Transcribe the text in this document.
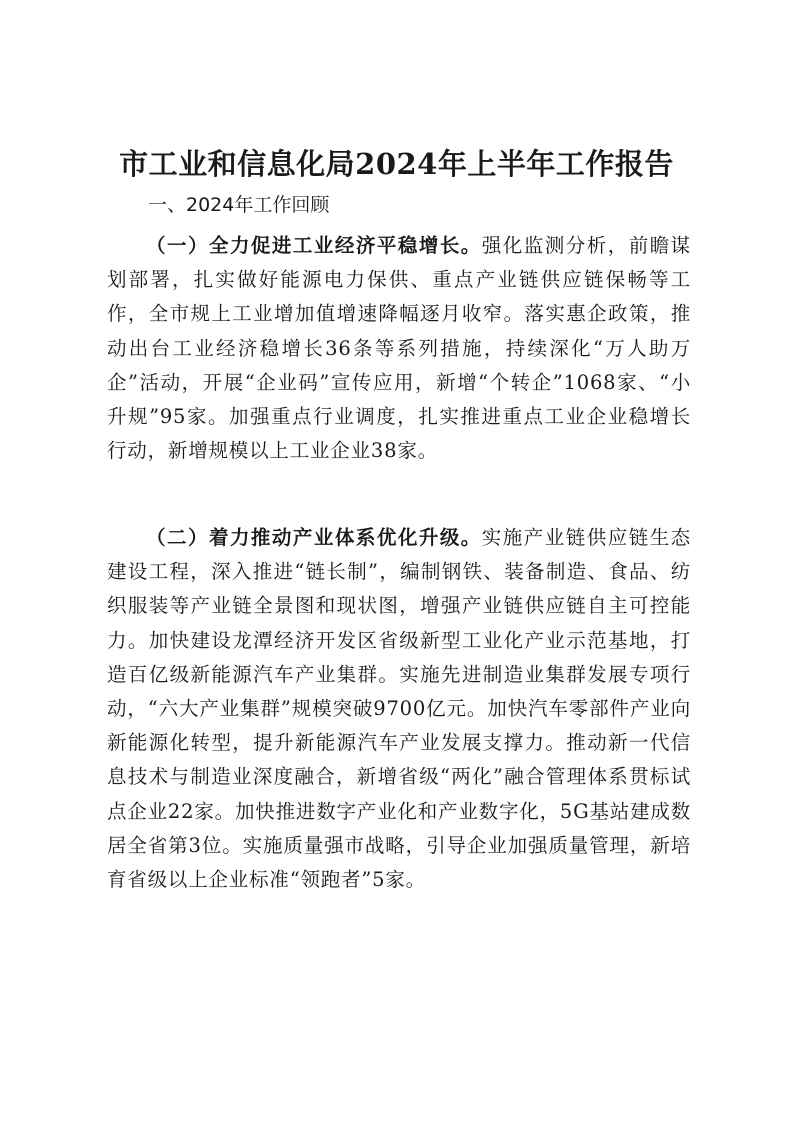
市工业和信息化局2024年上半年工作报告
一、2024年工作回顾

（一）全力促进工业经济平稳增长。强化监测分析，前瞻谋划部署，扎实做好能源电力保供、重点产业链供应链保畅等工作，全市规上工业增加值增速降幅逐月收窄。落实惠企政策，推动出台工业经济稳增长36条等系列措施，持续深化“万人助万企”活动，开展“企业码”宣传应用，新增“个转企”1068家、“小升规”95家。加强重点行业调度，扎实推进重点工业企业稳增长行动，新增规模以上工业企业38家。

（二）着力推动产业体系优化升级。实施产业链供应链生态建设工程，深入推进“链长制”，编制钢铁、装备制造、食品、纺织服装等产业链全景图和现状图，增强产业链供应链自主可控能力。加快建设龙潭经济开发区省级新型工业化产业示范基地，打造百亿级新能源汽车产业集群。实施先进制造业集群发展专项行动，“六大产业集群”规模突破9700亿元。加快汽车零部件产业向新能源化转型，提升新能源汽车产业发展支撑力。推动新一代信息技术与制造业深度融合，新增省级“两化”融合管理体系贯标试点企业22家。加快推进数字产业化和产业数字化，5G基站建成数居全省第3位。实施质量强市战略，引导企业加强质量管理，新培育省级以上企业标准“领跑者”5家。
